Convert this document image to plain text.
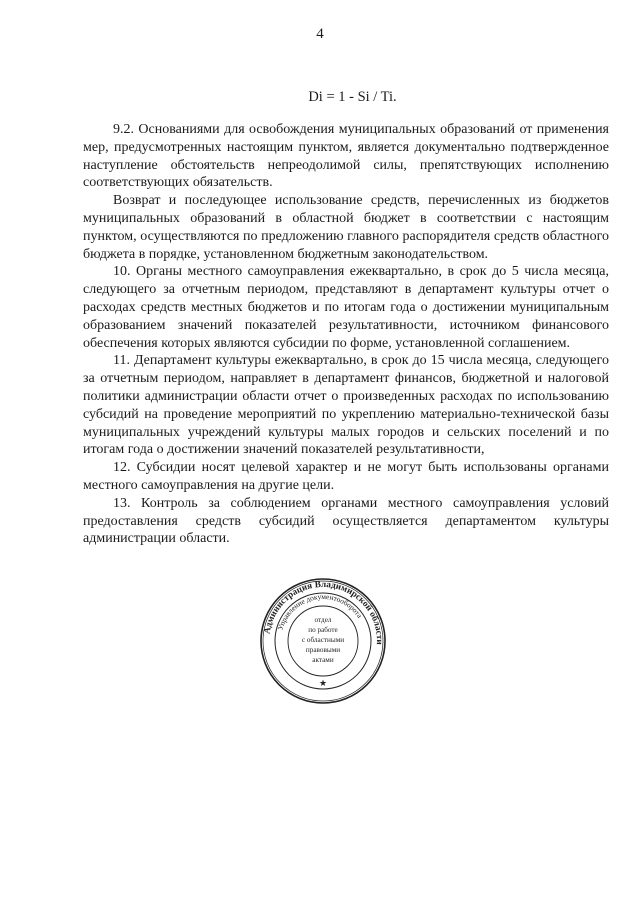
4
Di = 1 - Si / Ti.

9.2. Основаниями для освобождения муниципальных образований от применения мер, предусмотренных настоящим пунктом, является документально подтвержденное наступление обстоятельств непреодолимой силы, препятствующих исполнению соответствующих обязательств.

Возврат и последующее использование средств, перечисленных из бюджетов муниципальных образований в областной бюджет в соответствии с настоящим пунктом, осуществляются по предложению главного распорядителя средств областного бюджета в порядке, установленном бюджетным законодательством.

10. Органы местного самоуправления ежеквартально, в срок до 5 числа месяца, следующего за отчетным периодом, представляют в департамент культуры отчет о расходах средств местных бюджетов и по итогам года о достижении муниципальным образованием значений показателей результативности, источником финансового обеспечения которых являются субсидии по форме, установленной соглашением.

11. Департамент культуры ежеквартально, в срок до 15 числа месяца, следующего за отчетным периодом, направляет в департамент финансов, бюджетной и налоговой политики администрации области отчет о произведенных расходах по использованию субсидий на проведение мероприятий по укреплению материально-технической базы муниципальных учреждений культуры малых городов и сельских поселений и по итогам года о достижении значений показателей результативности,

12. Субсидии носят целевой характер и не могут быть использованы органами местного самоуправления на другие цели.

13. Контроль за соблюдением органами местного самоуправления условий предоставления средств субсидий осуществляется департаментом культуры администрации области.

Администрация Владимирской области
Управление документооборота
отдел
по работе
с областными
правовыми
актами
★
